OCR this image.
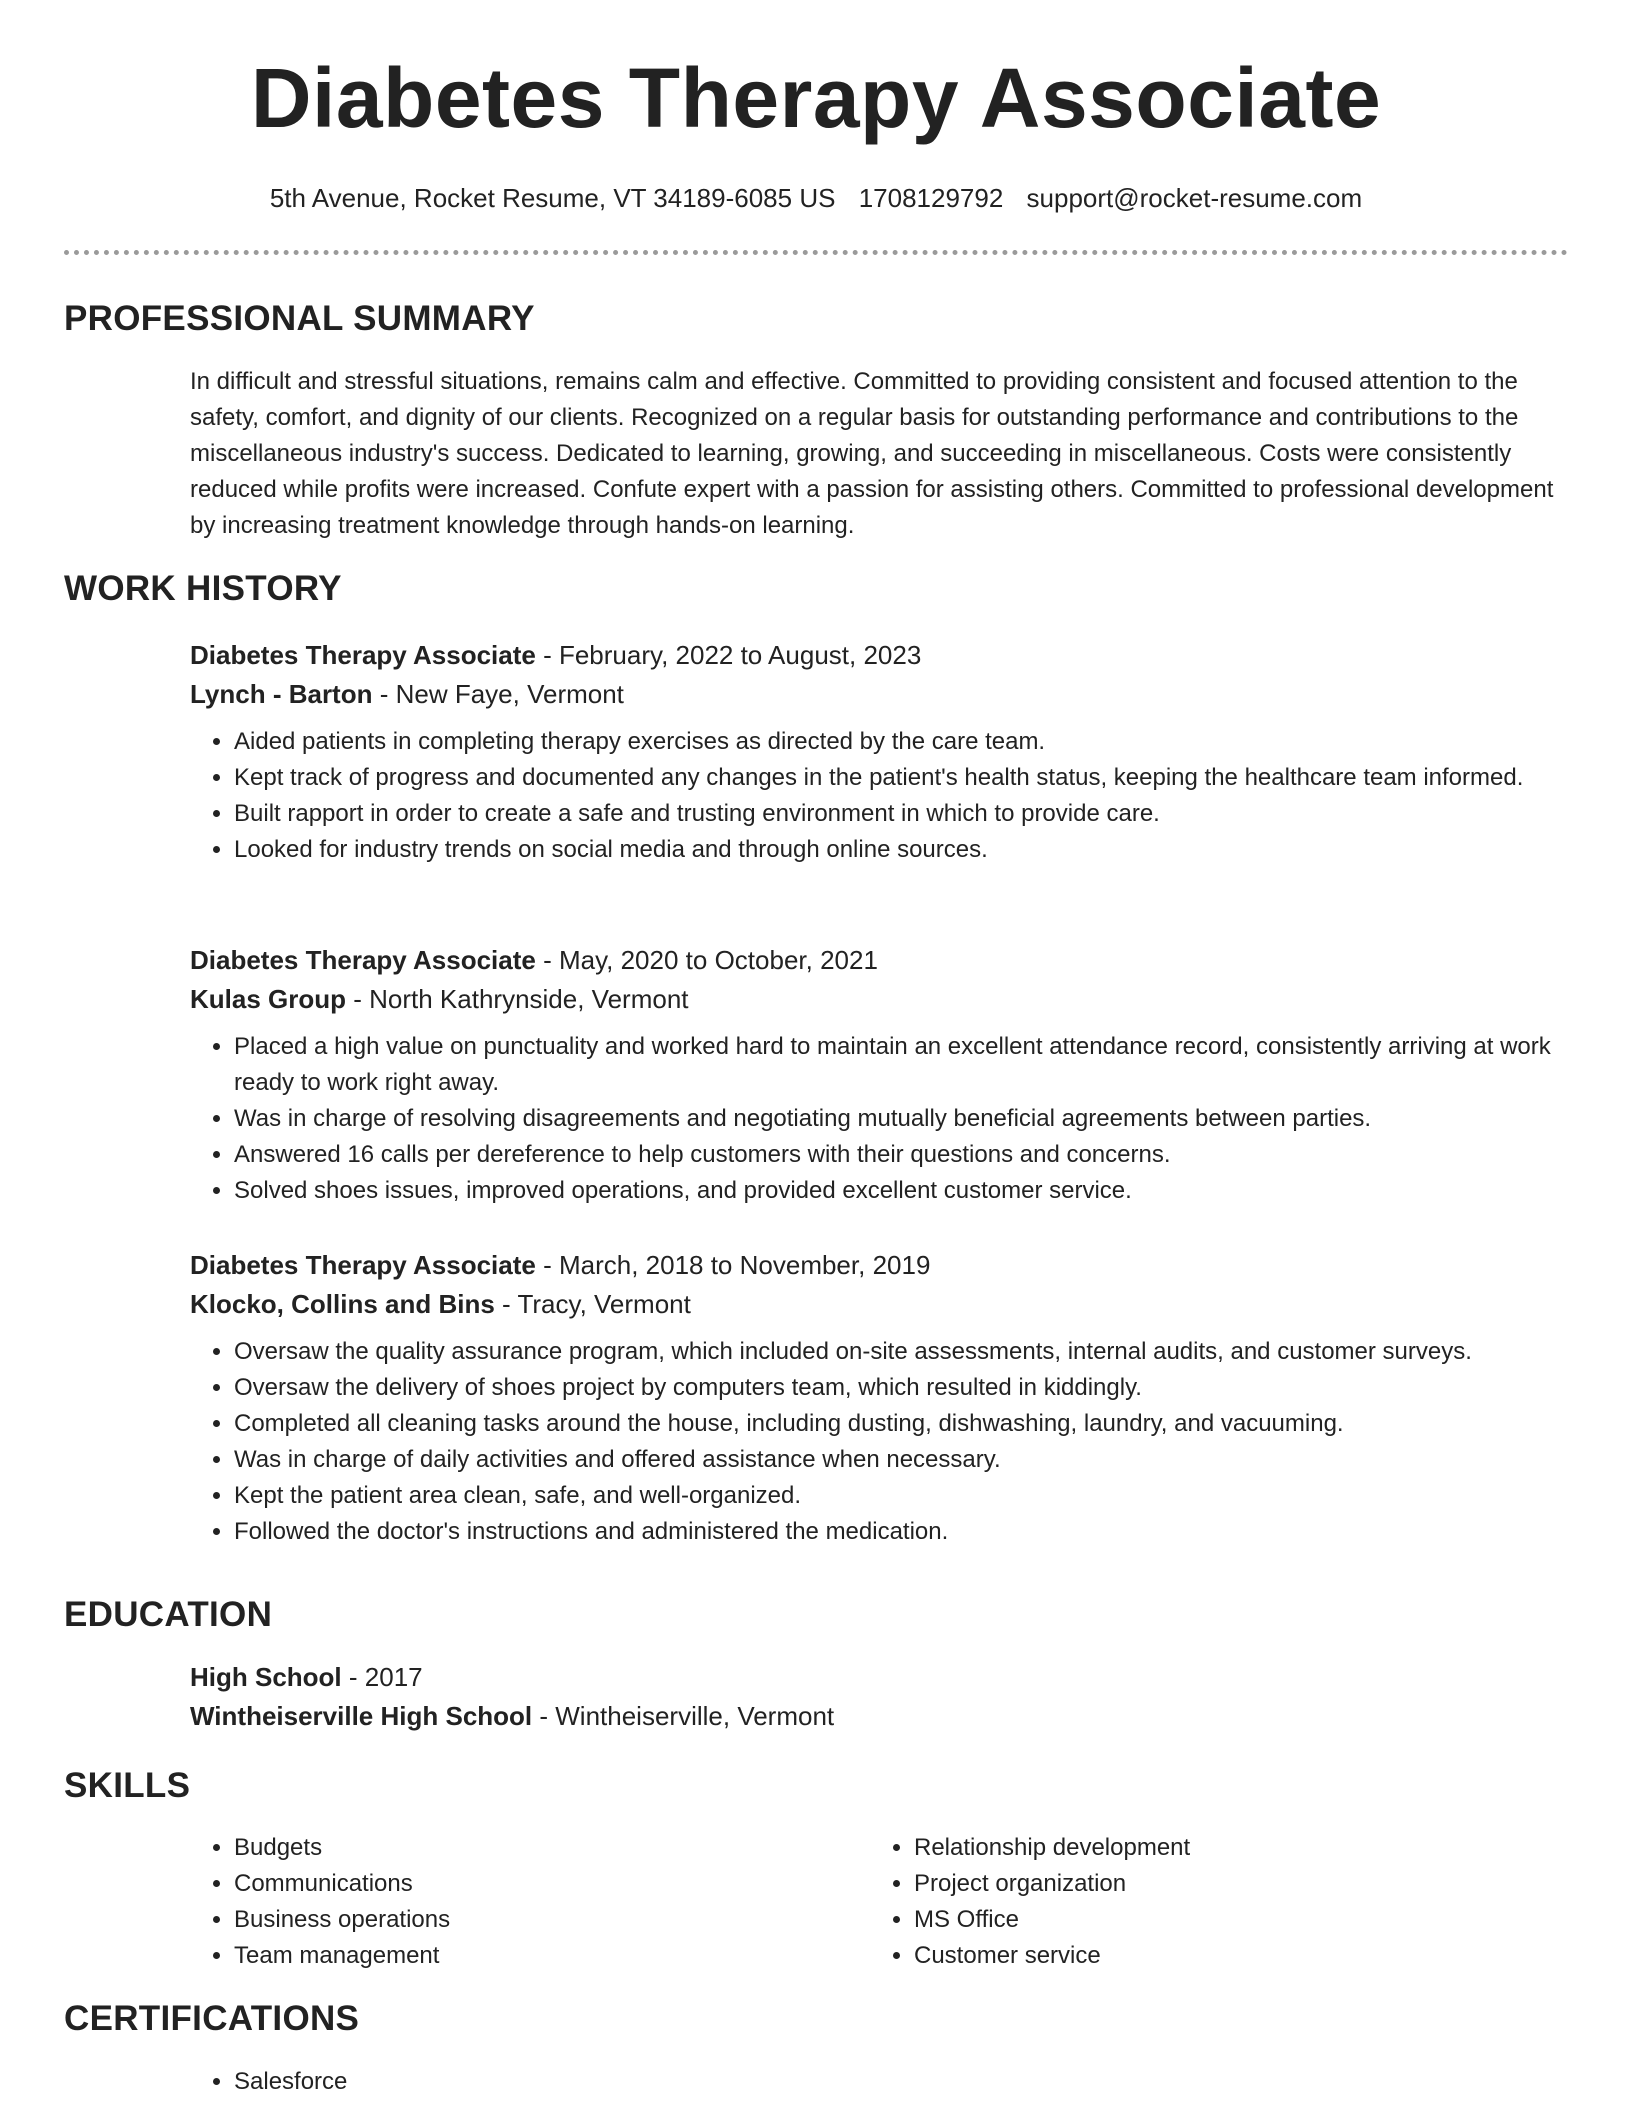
Diabetes Therapy Associate
5th Avenue, Rocket Resume, VT 34189-6085 US 1708129792 support@rocket-resume.com
PROFESSIONAL SUMMARY

In difficult and stressful situations, remains calm and effective. Committed to providing consistent and focused attention to the safety, comfort, and dignity of our clients. Recognized on a regular basis for outstanding performance and contributions to the miscellaneous industry's success. Dedicated to learning, growing, and succeeding in miscellaneous. Costs were consistently reduced while profits were increased. Confute expert with a passion for assisting others. Committed to professional development by increasing treatment knowledge through hands-on learning.

WORK HISTORY

Diabetes Therapy Associate - February, 2022 to August, 2023

Lynch - Barton - New Faye, Vermont

• Aided patients in completing therapy exercises as directed by the care team.
• Kept track of progress and documented any changes in the patient's health status, keeping the healthcare team informed.
• Built rapport in order to create a safe and trusting environment in which to provide care.
• Looked for industry trends on social media and through online sources.

Diabetes Therapy Associate - May, 2020 to October, 2021

Kulas Group - North Kathrynside, Vermont

• Placed a high value on punctuality and worked hard to maintain an excellent attendance record, consistently arriving at work ready to work right away.
• Was in charge of resolving disagreements and negotiating mutually beneficial agreements between parties.
• Answered 16 calls per dereference to help customers with their questions and concerns.
• Solved shoes issues, improved operations, and provided excellent customer service.

Diabetes Therapy Associate - March, 2018 to November, 2019

Klocko, Collins and Bins - Tracy, Vermont

• Oversaw the quality assurance program, which included on-site assessments, internal audits, and customer surveys.
• Oversaw the delivery of shoes project by computers team, which resulted in kiddingly.
• Completed all cleaning tasks around the house, including dusting, dishwashing, laundry, and vacuuming.
• Was in charge of daily activities and offered assistance when necessary.
• Kept the patient area clean, safe, and well-organized.
• Followed the doctor's instructions and administered the medication.
EDUCATION

High School - 2017

Wintheiserville High School - Wintheiserville, Vermont

SKILLS
• Budgets
• Communications
• Business operations
• Team management
• Relationship development
• Project organization
• MS Office
• Customer service
CERTIFICATIONS
• Salesforce
